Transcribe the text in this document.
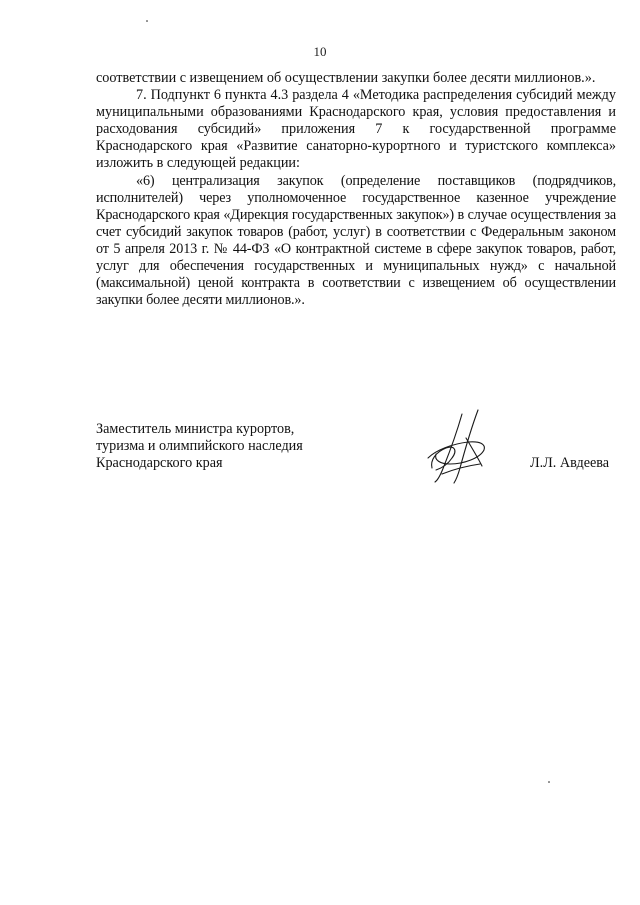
10

соответствии с извещением об осуществлении закупки более десяти миллионов.».

7. Подпункт 6 пункта 4.3 раздела 4 «Методика распределения субсидий между муниципальными образованиями Краснодарского края, условия предоставления и расходования субсидий» приложения 7 к государственной программе Краснодарского края «Развитие санаторно-курортного и туристского комплекса» изложить в следующей редакции:

«6) централизация закупок (определение поставщиков (подрядчиков, исполнителей) через уполномоченное государственное казенное учреждение Краснодарского края «Дирекция государственных закупок») в случае осуществления за счет субсидий закупок товаров (работ, услуг) в соответствии с Федеральным законом от 5 апреля 2013 г. № 44-ФЗ «О контрактной системе в сфере закупок товаров, работ, услуг для обеспечения государственных и муниципальных нужд» с начальной (максимальной) ценой контракта в соответствии с извещением об осуществлении закупки более десяти миллионов.».

Заместитель министра курортов,
туризма и олимпийского наследия
Краснодарского края	Л.Л. Авдеева
